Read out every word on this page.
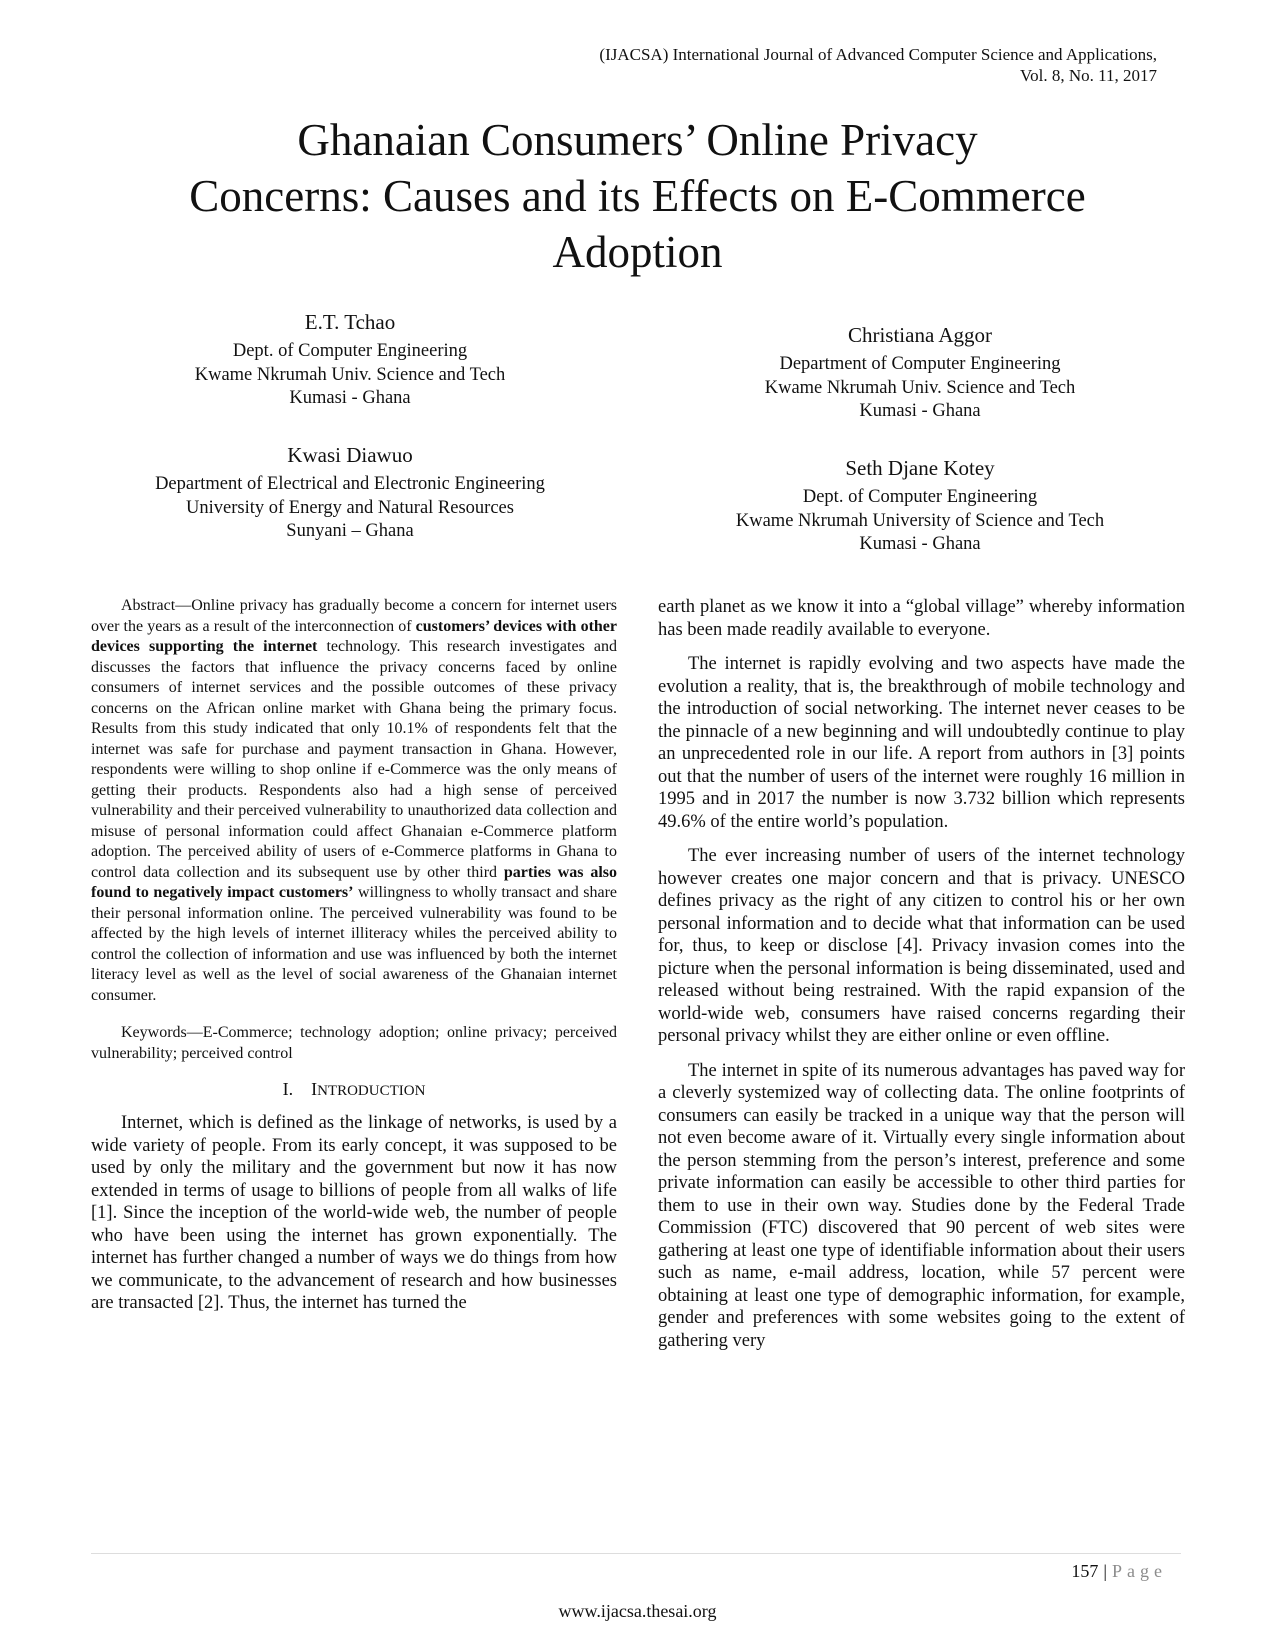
(IJACSA) International Journal of Advanced Computer Science and Applications,
Vol. 8, No. 11, 2017
Ghanaian Consumers’ Online Privacy
Concerns: Causes and its Effects on E-Commerce
Adoption
E.T. Tchao
Dept. of Computer Engineering
Kwame Nkrumah Univ. Science and Tech
Kumasi - Ghana
Kwasi Diawuo
Department of Electrical and Electronic Engineering
University of Energy and Natural Resources
Sunyani – Ghana
Christiana Aggor
Department of Computer Engineering
Kwame Nkrumah Univ. Science and Tech
Kumasi - Ghana
Seth Djane Kotey
Dept. of Computer Engineering
Kwame Nkrumah University of Science and Tech
Kumasi - Ghana

Abstract—Online privacy has gradually become a concern for internet users over the years as a result of the interconnection of customers’ devices with other devices supporting the internet technology. This research investigates and discusses the factors that influence the privacy concerns faced by online consumers of internet services and the possible outcomes of these privacy concerns on the African online market with Ghana being the primary focus. Results from this study indicated that only 10.1% of respondents felt that the internet was safe for purchase and payment transaction in Ghana. However, respondents were willing to shop online if e-Commerce was the only means of getting their products. Respondents also had a high sense of perceived vulnerability and their perceived vulnerability to unauthorized data collection and misuse of personal information could affect Ghanaian e-Commerce platform adoption. The perceived ability of users of e-Commerce platforms in Ghana to control data collection and its subsequent use by other third parties was also found to negatively impact customers’ willingness to wholly transact and share their personal information online. The perceived vulnerability was found to be affected by the high levels of internet illiteracy whiles the perceived ability to control the collection of information and use was influenced by both the internet literacy level as well as the level of social awareness of the Ghanaian internet consumer.

Keywords—E-Commerce; technology adoption; online privacy; perceived vulnerability; perceived control

I. INTRODUCTION

Internet, which is defined as the linkage of networks, is used by a wide variety of people. From its early concept, it was supposed to be used by only the military and the government but now it has now extended in terms of usage to billions of people from all walks of life [1]. Since the inception of the world-wide web, the number of people who have been using the internet has grown exponentially. The internet has further changed a number of ways we do things from how we communicate, to the advancement of research and how businesses are transacted [2]. Thus, the internet has turned the

earth planet as we know it into a “global village” whereby information has been made readily available to everyone.

The internet is rapidly evolving and two aspects have made the evolution a reality, that is, the breakthrough of mobile technology and the introduction of social networking. The internet never ceases to be the pinnacle of a new beginning and will undoubtedly continue to play an unprecedented role in our life. A report from authors in [3] points out that the number of users of the internet were roughly 16 million in 1995 and in 2017 the number is now 3.732 billion which represents 49.6% of the entire world’s population.

The ever increasing number of users of the internet technology however creates one major concern and that is privacy. UNESCO defines privacy as the right of any citizen to control his or her own personal information and to decide what that information can be used for, thus, to keep or disclose [4]. Privacy invasion comes into the picture when the personal information is being disseminated, used and released without being restrained. With the rapid expansion of the world-wide web, consumers have raised concerns regarding their personal privacy whilst they are either online or even offline.

The internet in spite of its numerous advantages has paved way for a cleverly systemized way of collecting data. The online footprints of consumers can easily be tracked in a unique way that the person will not even become aware of it. Virtually every single information about the person stemming from the person’s interest, preference and some private information can easily be accessible to other third parties for them to use in their own way. Studies done by the Federal Trade Commission (FTC) discovered that 90 percent of web sites were gathering at least one type of identifiable information about their users such as name, e-mail address, location, while 57 percent were obtaining at least one type of demographic information, for example, gender and preferences with some websites going to the extent of gathering very

157 | Page
www.ijacsa.thesai.org
